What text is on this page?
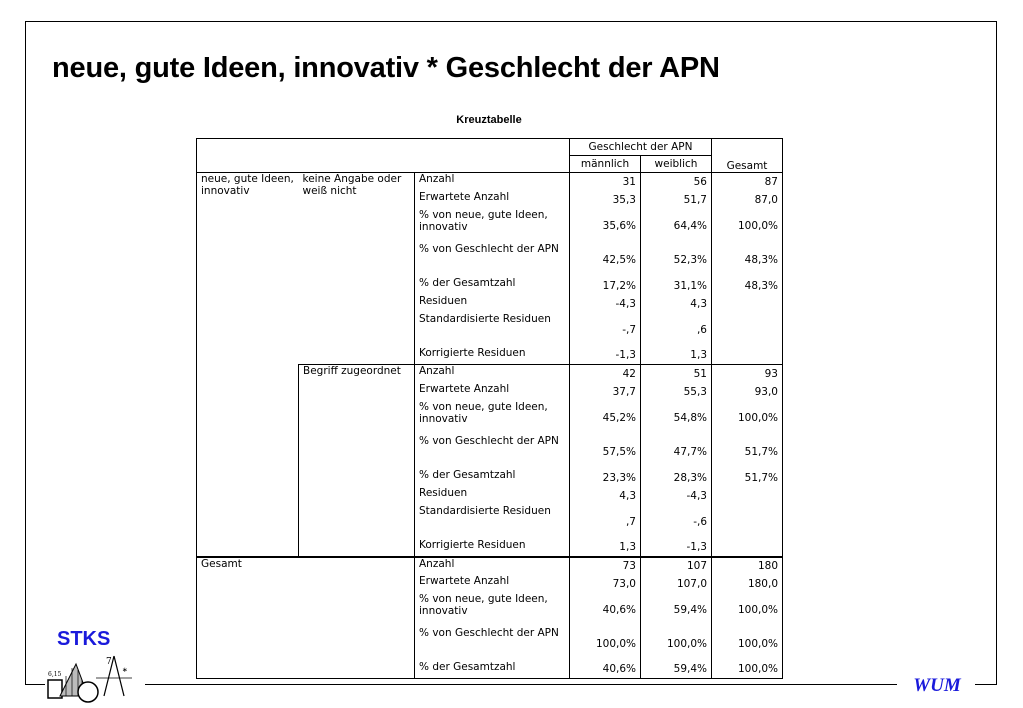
neue, gute Ideen, innovativ * Geschlecht der APN
Kreuztabelle
			Geschlecht der APN		
			männlich	weiblich	Gesamt
neue, gute Ideen, innovativ	keine Angabe oder weiß nicht	Anzahl	31	56	87
		Erwartete Anzahl	35,3	51,7	87,0
		% von neue, gute Ideen, innovativ	35,6%	64,4%	100,0%
		% von Geschlecht der APN	42,5%	52,3%	48,3%
		% der Gesamtzahl	17,2%	31,1%	48,3%
		Residuen	-4,3	4,3	
		Standardisierte Residuen	-,7	,6	
		Korrigierte Residuen	-1,3	1,3	
	Begriff zugeordnet	Anzahl	42	51	93
		Erwartete Anzahl	37,7	55,3	93,0
		% von neue, gute Ideen, innovativ	45,2%	54,8%	100,0%
		% von Geschlecht der APN	57,5%	47,7%	51,7%
		% der Gesamtzahl	23,3%	28,3%	51,7%
		Residuen	4,3	-4,3	
		Standardisierte Residuen	,7	-,6	
		Korrigierte Residuen	1,3	-1,3	
Gesamt		Anzahl	73	107	180
		Erwartete Anzahl	73,0	107,0	180,0
		% von neue, gute Ideen, innovativ	40,6%	59,4%	100,0%
		% von Geschlecht der APN	100,0%	100,0%	100,0%
		% der Gesamtzahl	40,6%	59,4%	100,0%
STKS
7
6,15
∗
WUM
